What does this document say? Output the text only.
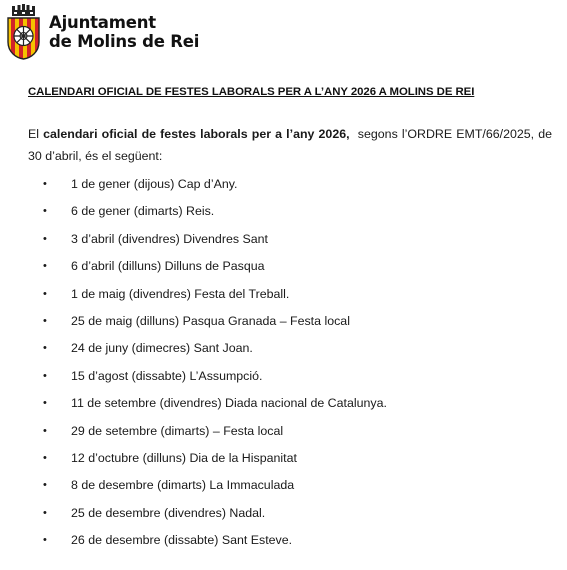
Ajuntament
de Molins de Rei
CALENDARI OFICIAL DE FESTES LABORALS PER A L’ANY 2026 A MOLINS DE REI
El calendari oficial de festes laborals per a l’any 2026,  segons l’ORDRE EMT/66/2025, de 30 d’abril, és el següent:
• 1 de gener (dijous) Cap d’Any.
• 6 de gener (dimarts) Reis.
• 3 d’abril (divendres) Divendres Sant
• 6 d’abril (dilluns) Dilluns de Pasqua
• 1 de maig (divendres) Festa del Treball.
• 25 de maig (dilluns) Pasqua Granada – Festa local
• 24 de juny (dimecres) Sant Joan.
• 15 d’agost (dissabte) L’Assumpció.
• 11 de setembre (divendres) Diada nacional de Catalunya.
• 29 de setembre (dimarts) – Festa local
• 12 d’octubre (dilluns) Dia de la Hispanitat
• 8 de desembre (dimarts) La Immaculada
• 25 de desembre (divendres) Nadal.
• 26 de desembre (dissabte) Sant Esteve.
